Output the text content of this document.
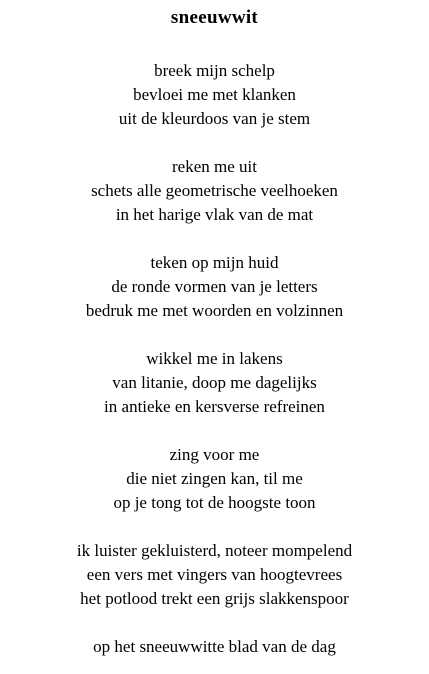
sneeuwwit
breek mijn schelp
bevloei me met klanken
uit de kleurdoos van je stem
reken me uit
schets alle geometrische veelhoeken
in het harige vlak van de mat
teken op mijn huid
de ronde vormen van je letters
bedruk me met woorden en volzinnen
wikkel me in lakens
van litanie, doop me dagelijks
in antieke en kersverse refreinen
zing voor me
die niet zingen kan, til me
op je tong tot de hoogste toon
ik luister gekluisterd, noteer mompelend
een vers met vingers van hoogtevrees
het potlood trekt een grijs slakkenspoor
op het sneeuwwitte blad van de dag
